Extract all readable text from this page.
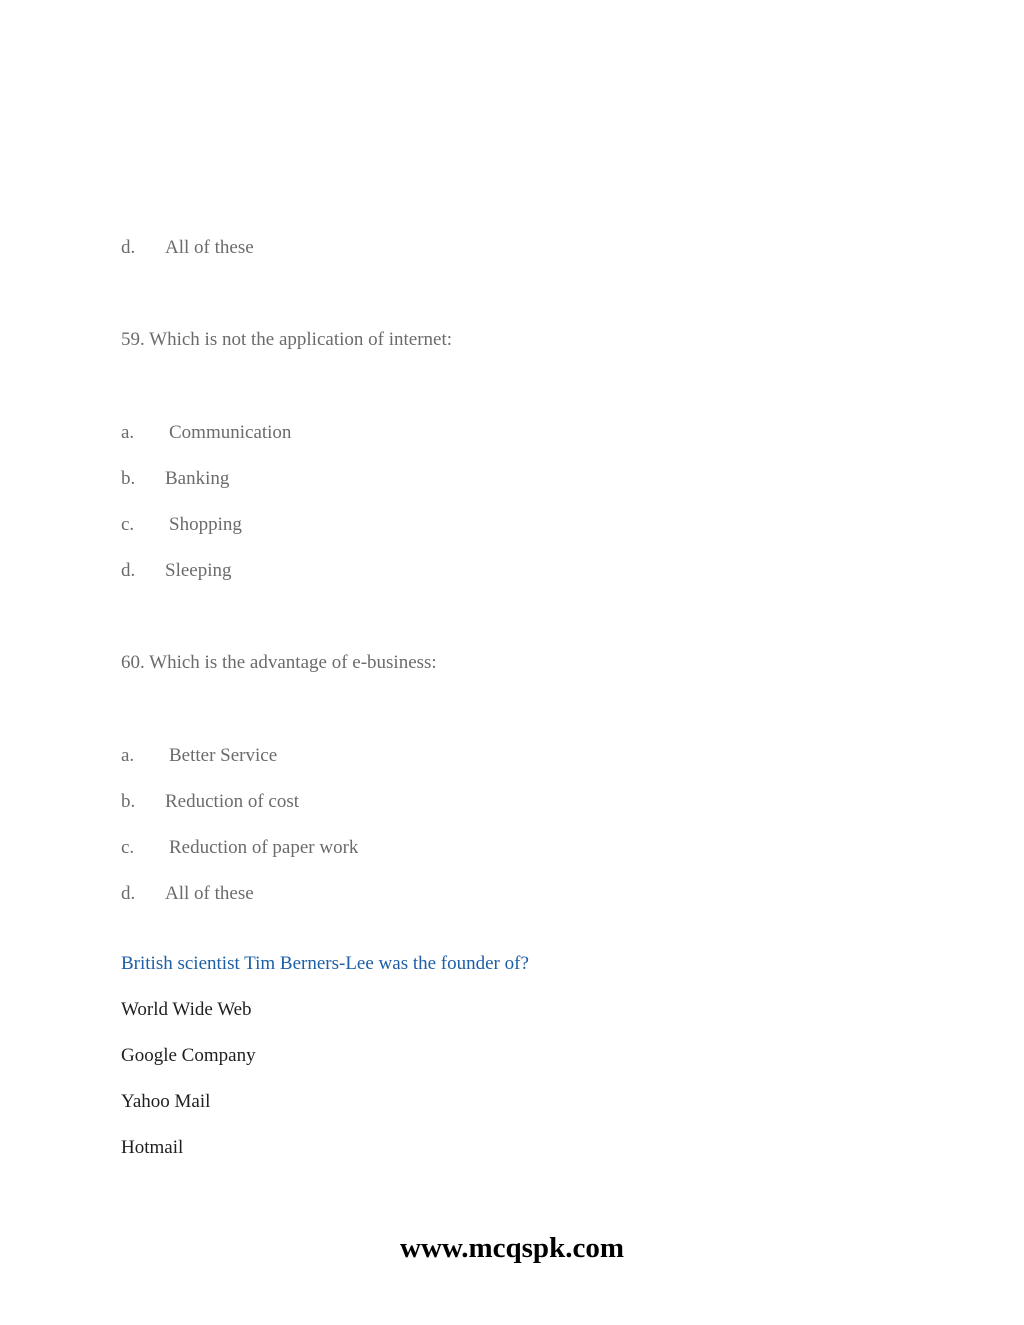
d. All of these
59. Which is not the application of internet:
a. Communication
b. Banking
c. Shopping
d. Sleeping
60. Which is the advantage of e-business:
a. Better Service
b. Reduction of cost
c. Reduction of paper work
d. All of these
British scientist Tim Berners-Lee was the founder of?
World Wide Web
Google Company
Yahoo Mail
Hotmail
www.mcqspk.com
